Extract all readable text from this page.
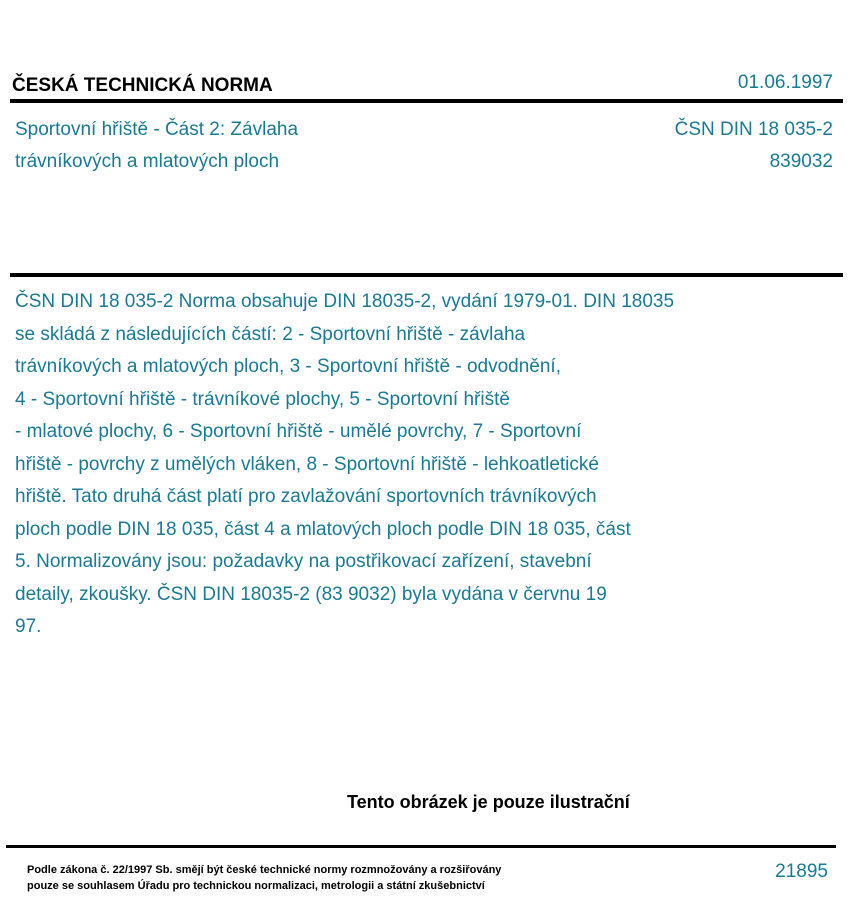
ČESKÁ TECHNICKÁ NORMA	01.06.1997
Sportovní hřiště - Část 2: Závlaha
trávníkových a mlatových ploch
ČSN DIN 18 035-2
839032
ČSN DIN 18 035-2 Norma obsahuje DIN 18035-2, vydání 1979-01. DIN 18035
se skládá z následujících částí: 2 - Sportovní hřiště - závlaha
trávníkových a mlatových ploch, 3 - Sportovní hřiště - odvodnění,
4 - Sportovní hřiště - trávníkové plochy, 5 - Sportovní hřiště
- mlatové plochy, 6 - Sportovní hřiště - umělé povrchy, 7 - Sportovní
hřiště - povrchy z umělých vláken, 8 - Sportovní hřiště - lehkoatletické
hřiště. Tato druhá část platí pro zavlažování sportovních trávníkových
ploch podle DIN 18 035, část 4 a mlatových ploch podle DIN 18 035, část
5. Normalizovány jsou: požadavky na postřikovací zařízení, stavební
detaily, zkoušky. ČSN DIN 18035-2 (83 9032) byla vydána v červnu 19
97.
Tento obrázek je pouze ilustrační
Podle zákona č. 22/1997 Sb. smějí být české technické normy rozmnožovány a rozšiřovány
pouze se souhlasem Úřadu pro technickou normalizaci, metrologii a státní zkušebnictví
21895
